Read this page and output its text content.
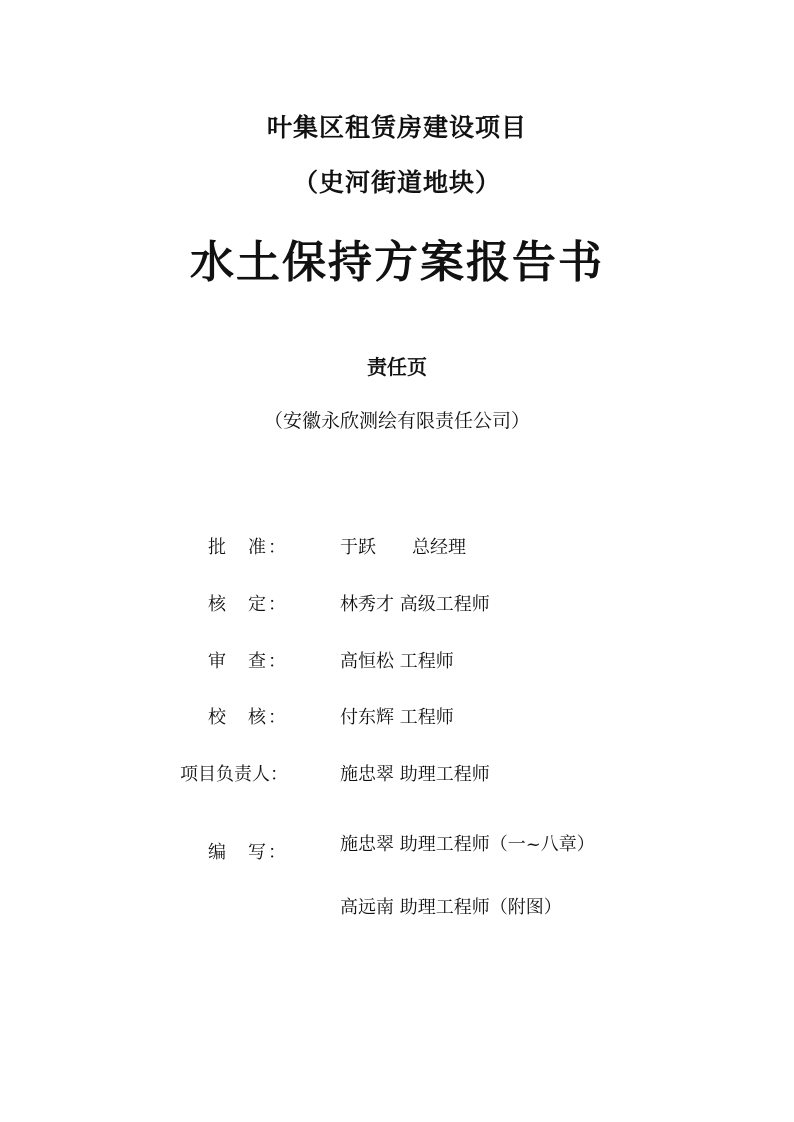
叶集区租赁房建设项目
（史河街道地块）
水土保持方案报告书
责任页
（安徽永欣测绘有限责任公司）
批　准：	于跃　　总经理
核　定：	林秀才 高级工程师
审　查：	高恒松 工程师
校　核：	付东辉 工程师
项目负责人：	施忠翠 助理工程师
编　写：	施忠翠 助理工程师（一~八章）
高远南 助理工程师（附图）
